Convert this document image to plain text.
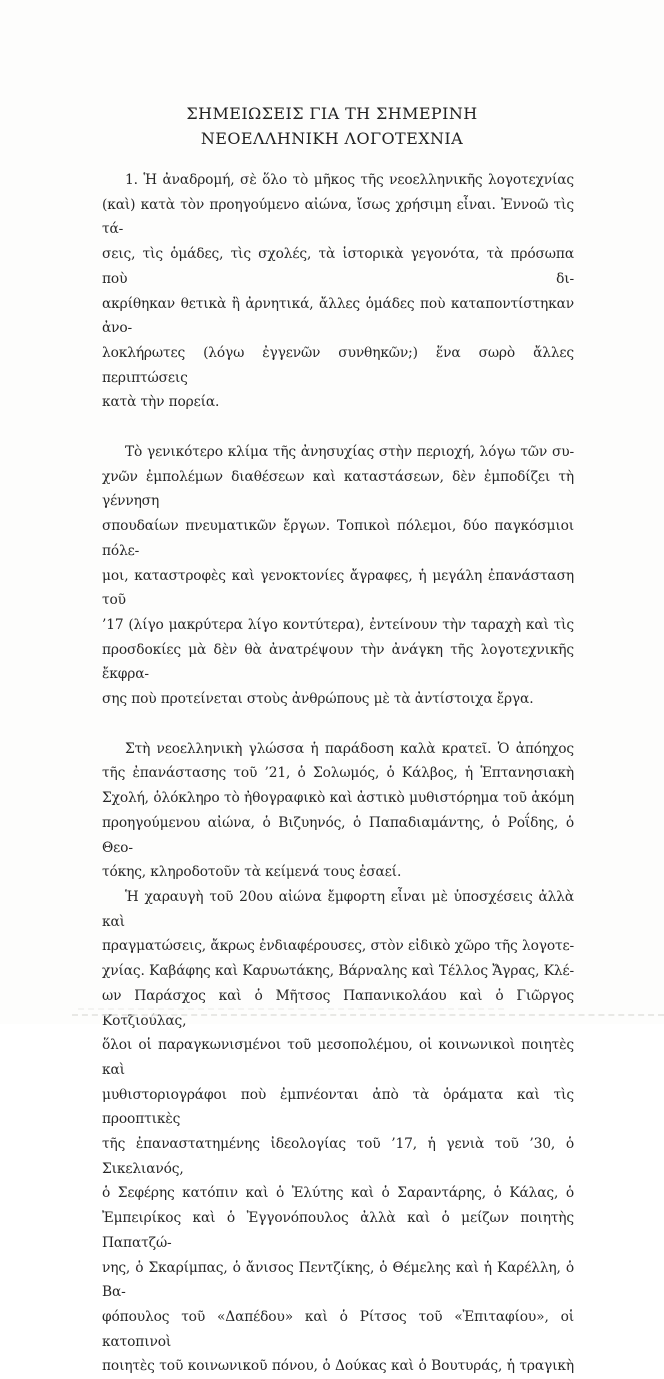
ΣΗΜΕΙΩΣΕΙΣ ΓΙΑ ΤΗ ΣΗΜΕΡΙΝΗ
ΝΕΟΕΛΛΗΝΙΚΗ ΛΟΓΟΤΕΧΝΙΑ
1. Ἡ ἀναδρομή, σὲ ὅλο τὸ μῆκος τῆς νεοελληνικῆς λογοτεχνίας
(καὶ) κατὰ τὸν προηγούμενο αἰώνα, ἴσως χρήσιμη εἶναι. Ἐννοῶ τὶς τά-
σεις, τὶς ὁμάδες, τὶς σχολές, τὰ ἱστορικὰ γεγονότα, τὰ πρόσωπα ποὺ δι-
ακρίθηκαν θετικὰ ἢ ἀρνητικά, ἄλλες ὁμάδες ποὺ καταποντίστηκαν ἀνο-
λοκλήρωτες (λόγω ἐγγενῶν συνθηκῶν;) ἕνα σωρὸ ἄλλες περιπτώσεις
κατὰ τὴν πορεία.
Τὸ γενικότερο κλίμα τῆς ἀνησυχίας στὴν περιοχή, λόγω τῶν συ-
χνῶν ἐμπολέμων διαθέσεων καὶ καταστάσεων, δὲν ἐμποδίζει τὴ γέννηση
σπουδαίων πνευματικῶν ἔργων. Τοπικοὶ πόλεμοι, δύο παγκόσμιοι πόλε-
μοι, καταστροφὲς καὶ γενοκτονίες ἄγραφες, ἡ μεγάλη ἐπανάσταση τοῦ
’17 (λίγο μακρύτερα λίγο κοντύτερα), ἐντείνουν τὴν ταραχὴ καὶ τὶς
προσδοκίες μὰ δὲν θὰ ἀνατρέψουν τὴν ἀνάγκη τῆς λογοτεχνικῆς ἔκφρα-
σης ποὺ προτείνεται στοὺς ἀνθρώπους μὲ τὰ ἀντίστοιχα ἔργα.
Στὴ νεοελληνικὴ γλώσσα ἡ παράδοση καλὰ κρατεῖ. Ὁ ἀπόηχος
τῆς ἐπανάστασης τοῦ ’21, ὁ Σολωμός, ὁ Κάλβος, ἡ Ἑπτανησιακὴ
Σχολή, ὁλόκληρο τὸ ἠθογραφικὸ καὶ ἀστικὸ μυθιστόρημα τοῦ ἀκόμη
προηγούμενου αἰώνα, ὁ Βιζυηνός, ὁ Παπαδιαμάντης, ὁ Ροΐδης, ὁ Θεο-
τόκης, κληροδοτοῦν τὰ κείμενά τους ἐσαεί.
Ἡ χαραυγὴ τοῦ 20ου αἰώνα ἔμφορτη εἶναι μὲ ὑποσχέσεις ἀλλὰ καὶ
πραγματώσεις, ἄκρως ἐνδιαφέρουσες, στὸν εἰδικὸ χῶρο τῆς λογοτε-
χνίας. Καβάφης καὶ Καρυωτάκης, Βάρναλης καὶ Τέλλος Ἄγρας, Κλέ-
ων Παράσχος καὶ ὁ Μῆτσος Παπανικολάου καὶ ὁ Γιῶργος Κοτζιούλας,
ὅλοι οἱ παραγκωνισμένοι τοῦ μεσοπολέμου, οἱ κοινωνικοὶ ποιητὲς καὶ
μυθιστοριογράφοι ποὺ ἐμπνέονται ἀπὸ τὰ ὁράματα καὶ τὶς προοπτικὲς
τῆς ἐπαναστατημένης ἰδεολογίας τοῦ ’17, ἡ γενιὰ τοῦ ’30, ὁ Σικελιανός,
ὁ Σεφέρης κατόπιν καὶ ὁ Ἐλύτης καὶ ὁ Σαραντάρης, ὁ Κάλας, ὁ
Ἐμπειρίκος καὶ ὁ Ἐγγονόπουλος ἀλλὰ καὶ ὁ μείζων ποιητὴς Παπατζώ-
νης, ὁ Σκαρίμπας, ὁ ἄνισος Πεντζίκης, ὁ Θέμελης καὶ ἡ Καρέλλη, ὁ Βα-
φόπουλος τοῦ «Δαπέδου» καὶ ὁ Ρίτσος τοῦ «Ἐπιταφίου», οἱ κατοπινοὶ
ποιητὲς τοῦ κοινωνικοῦ πόνου, ὁ Δούκας καὶ ὁ Βουτυράς, ἡ τραγικὴ
